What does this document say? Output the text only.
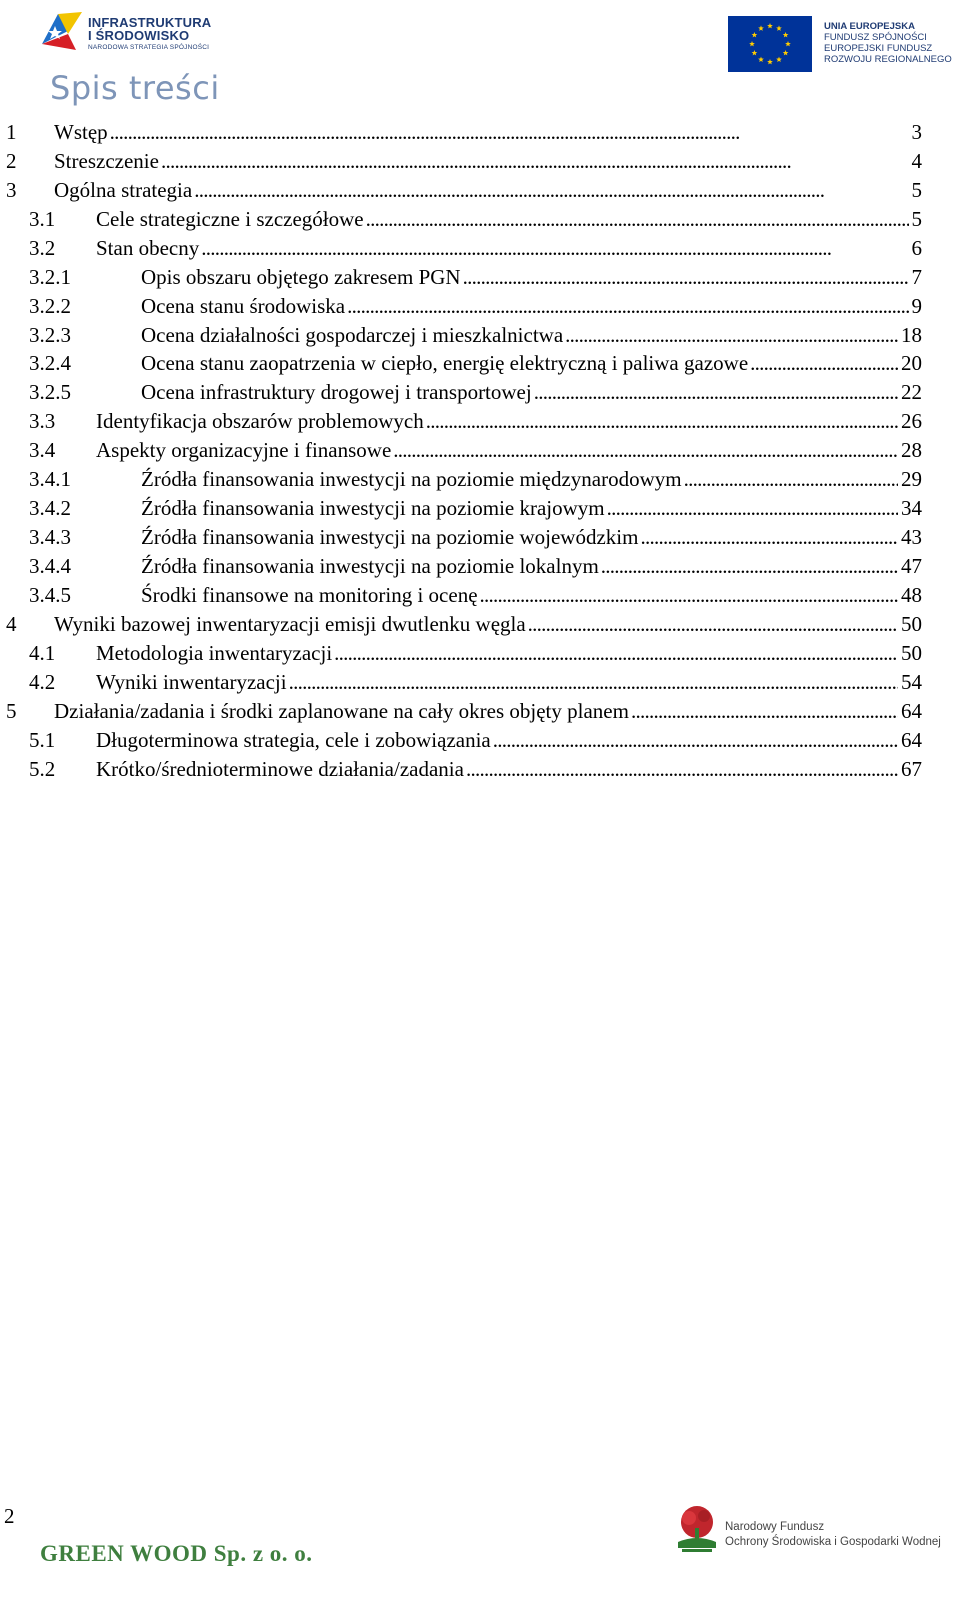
INFRASTRUKTURA
I ŚRODOWISKO
NARODOWA STRATEGIA SPÓJNOŚCI
UNIA EUROPEJSKA
FUNDUSZ SPÓJNOŚCI
EUROPEJSKI FUNDUSZ
ROZWOJU REGIONALNEGO
Spis treści
1 Wstęp . . .	3
2 Streszczenie . . .	4
3 Ogólna strategia . . .	5
3.1 Cele strategiczne i szczegółowe . . .	5
3.2 Stan obecny . . .	6
3.2.1	Opis obszaru objętego zakresem PGN . . .	7
3.2.2	Ocena stanu środowiska . . .	9
3.2.3	Ocena działalności gospodarczej i mieszkalnictwa . . .	18
3.2.4	Ocena stanu zaopatrzenia w ciepło, energię elektryczną i paliwa gazowe . . .	20
3.2.5	Ocena infrastruktury drogowej i transportowej . . .	22
3.3 Identyfikacja obszarów problemowych . . .	26
3.4 Aspekty organizacyjne i finansowe . . .	28
3.4.1	Źródła finansowania inwestycji na poziomie międzynarodowym . . .	29
3.4.2	Źródła finansowania inwestycji na poziomie krajowym . . .	34
3.4.3	Źródła finansowania inwestycji na poziomie wojewódzkim . . .	43
3.4.4	Źródła finansowania inwestycji na poziomie lokalnym . . .	47
3.4.5	Środki finansowe na monitoring i ocenę . . .	48
4 Wyniki bazowej inwentaryzacji emisji dwutlenku węgla . . .	50
4.1 Metodologia inwentaryzacji . . .	50
4.2 Wyniki inwentaryzacji . . .	54
5 Działania/zadania i środki zaplanowane na cały okres objęty planem . . .	64
5.1 Długoterminowa strategia, cele i zobowiązania . . .	64
5.2 Krótko/średnioterminowe działania/zadania . . .	67
2
GREEN WOOD Sp. z o. o.
Narodowy Fundusz
Ochrony Środowiska i Gospodarki Wodnej
